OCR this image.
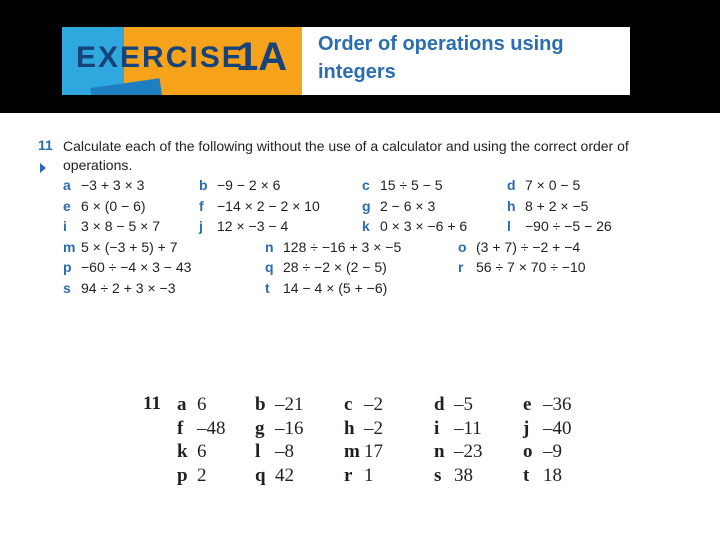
EXERCISE
1A Order of operations using
integers
11 Calculate each of the following without the use of a calculator and using the correct order of operations.
a −3 + 3 × 3	b −9 − 2 × 6	c 15 ÷ 5 − 5	d 7 × 0 − 5
e 6 × (0 − 6)	f −14 × 2 − 2 × 10	g 2 − 6 × 3	h 8 + 2 × −5
i 3 × 8 − 5 × 7	j 12 × −3 − 4	k 0 × 3 × −6 + 6	l −90 ÷ −5 − 26
m 5 × (−3 + 5) + 7	n 128 ÷ −16 + 3 × −5	o (3 + 7) ÷ −2 + −4
p −60 ÷ −4 × 3 − 43	q 28 ÷ −2 × (2 − 5)	r 56 ÷ 7 × 70 ÷ −10
s 94 ÷ 2 + 3 × −3	t 14 − 4 × (5 + −6)
11 a 6	b –21 c –2	d –5	e –36
f –48 g –16 h –2	i –11 j –40
k 6	l –8	m 17	n –23 o –9
p 2	q 42	r 1	s 38	t 18
